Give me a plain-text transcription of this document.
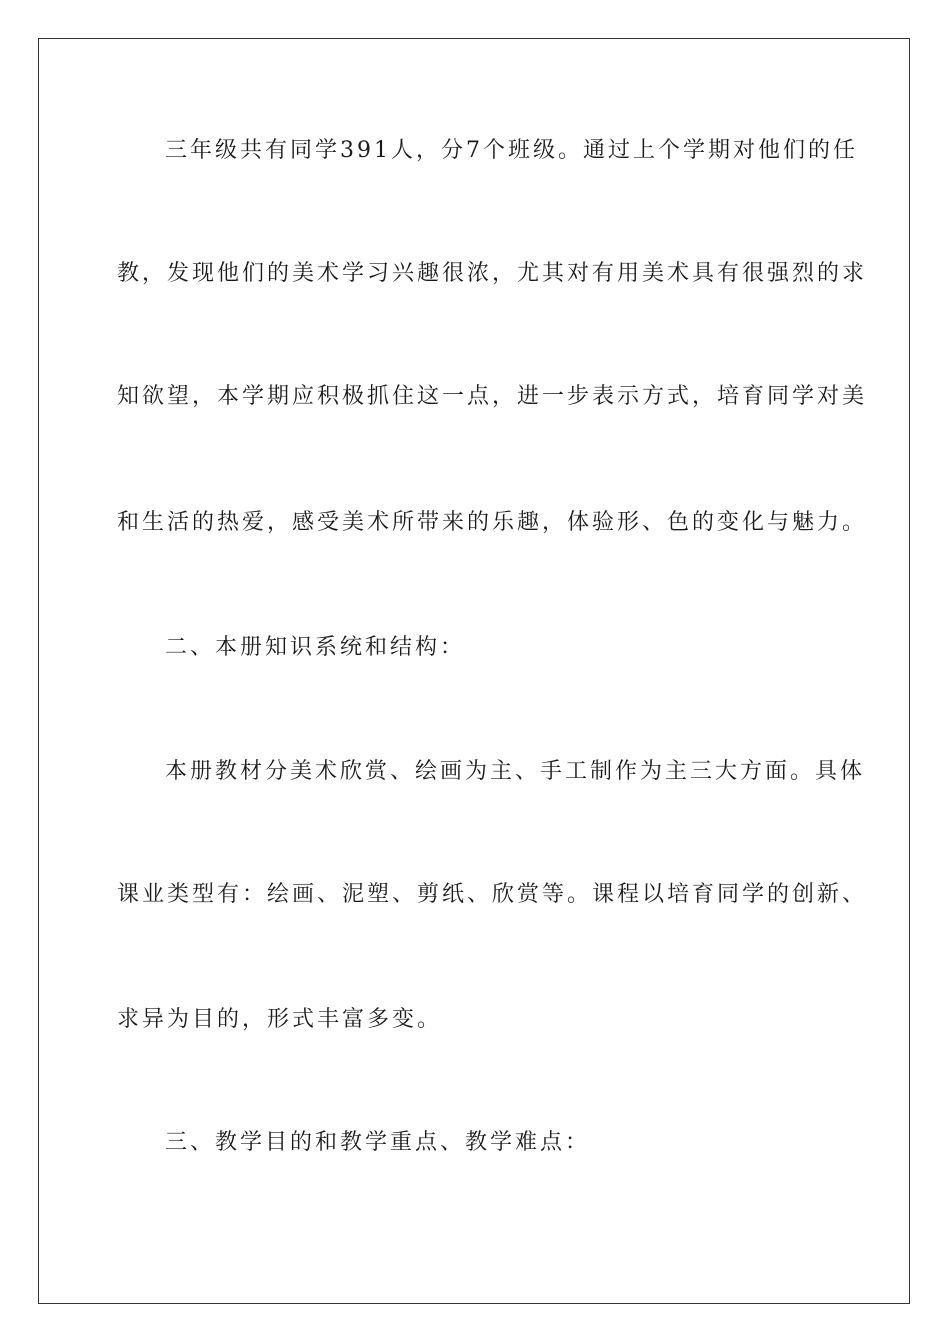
三年级共有同学391人，分7个班级。通过上个学期对他们的任
教，发现他们的美术学习兴趣很浓，尤其对有用美术具有很强烈的求
知欲望，本学期应积极抓住这一点，进一步表示方式，培育同学对美
和生活的热爱，感受美术所带来的乐趣，体验形、色的变化与魅力。
二、本册知识系统和结构：
本册教材分美术欣赏、绘画为主、手工制作为主三大方面。具体
课业类型有：绘画、泥塑、剪纸、欣赏等。课程以培育同学的创新、
求异为目的，形式丰富多变。
三、教学目的和教学重点、教学难点：
